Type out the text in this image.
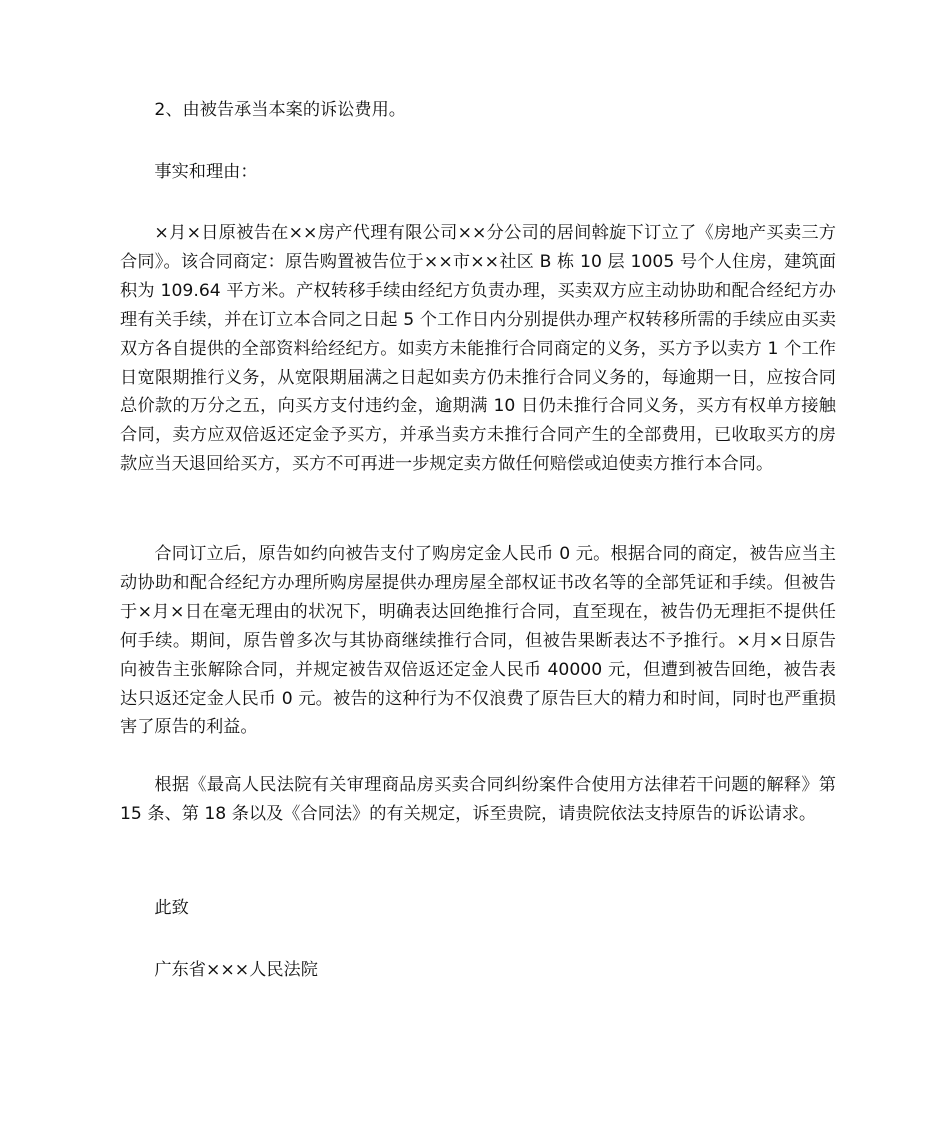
2、由被告承当本案的诉讼费用。

事实和理由：

×月×日原被告在××房产代理有限公司××分公司的居间斡旋下订立了《房地产买卖三方合同》。该合同商定：原告购置被告位于××市××社区 B 栋 10 层 1005 号个人住房，建筑面积为 109.64 平方米。产权转移手续由经纪方负责办理，买卖双方应主动协助和配合经纪方办理有关手续，并在订立本合同之日起 5 个工作日内分别提供办理产权转移所需的手续应由买卖双方各自提供的全部资料给经纪方。如卖方未能推行合同商定的义务，买方予以卖方 1 个工作日宽限期推行义务，从宽限期届满之日起如卖方仍未推行合同义务的，每逾期一日，应按合同总价款的万分之五，向买方支付违约金，逾期满 10 日仍未推行合同义务，买方有权单方接触合同，卖方应双倍返还定金予买方，并承当卖方未推行合同产生的全部费用，已收取买方的房款应当天退回给买方，买方不可再进一步规定卖方做任何赔偿或迫使卖方推行本合同。

合同订立后，原告如约向被告支付了购房定金人民币 0 元。根据合同的商定，被告应当主动协助和配合经纪方办理所购房屋提供办理房屋全部权证书改名等的全部凭证和手续。但被告于×月×日在毫无理由的状况下，明确表达回绝推行合同，直至现在，被告仍无理拒不提供任何手续。期间，原告曾多次与其协商继续推行合同，但被告果断表达不予推行。×月×日原告向被告主张解除合同，并规定被告双倍返还定金人民币 40000 元，但遭到被告回绝，被告表达只返还定金人民币 0 元。被告的这种行为不仅浪费了原告巨大的精力和时间，同时也严重损害了原告的利益。

根据《最高人民法院有关审理商品房买卖合同纠纷案件合使用方法律若干问题的解释》第 15 条、第 18 条以及《合同法》的有关规定，诉至贵院，请贵院依法支持原告的诉讼请求。

此致

广东省×××人民法院
